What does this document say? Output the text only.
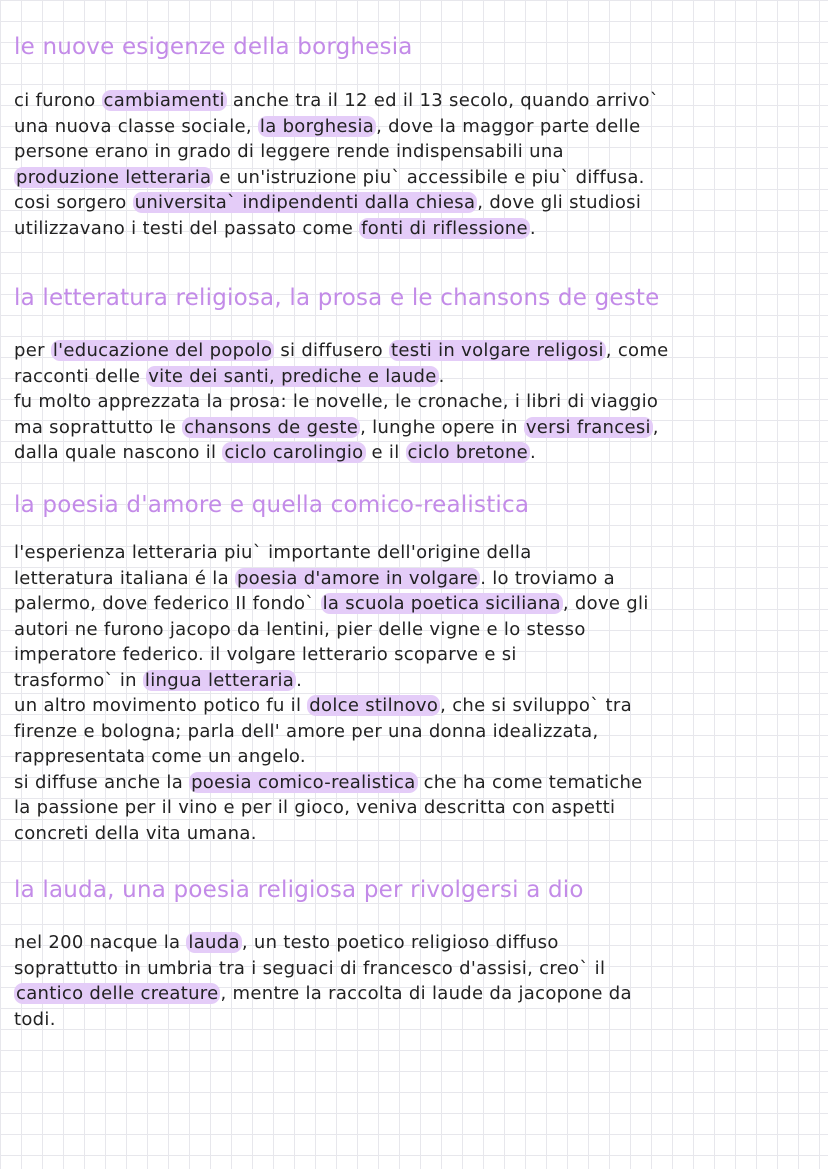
le nuove esigenze della borghesia
ci furono cambiamenti anche tra il 12 ed il 13 secolo, quando arrivo`
una nuova classe sociale, la borghesia , dove la maggor parte delle
persone erano in grado di leggere rende indispensabili una
produzione letteraria e un'istruzione piu` accessibile e piu` diffusa.
cosi sorgero universita` indipendenti dalla chiesa , dove gli studiosi
utilizzavano i testi del passato come fonti di riflessione .
la letteratura religiosa, la prosa e le chansons de geste
per l'educazione del popolo si diffusero testi in volgare religosi , come
racconti delle vite dei santi, prediche e laude .
fu molto apprezzata la prosa: le novelle, le cronache, i libri di viaggio
ma soprattutto le chansons de geste , lunghe opere in versi francesi ,
dalla quale nascono il ciclo carolingio e il ciclo bretone .
la poesia d'amore e quella comico-realistica
l'esperienza letteraria piu` importante dell'origine della
letteratura italiana é la poesia d'amore in volgare . lo troviamo a
palermo, dove federico II fondo` la scuola poetica siciliana , dove gli
autori ne furono jacopo da lentini, pier delle vigne e lo stesso
imperatore federico. il volgare letterario scoparve e si
trasformo` in lingua letteraria .
un altro movimento potico fu il dolce stilnovo , che si sviluppo` tra
firenze e bologna; parla dell' amore per una donna idealizzata,
rappresentata come un angelo.
si diffuse anche la poesia comico-realistica che ha come tematiche
la passione per il vino e per il gioco, veniva descritta con aspetti
concreti della vita umana.
la lauda, una poesia religiosa per rivolgersi a dio
nel 200 nacque la lauda , un testo poetico religioso diffuso
soprattutto in umbria tra i seguaci di francesco d'assisi, creo` il
cantico delle creature , mentre la raccolta di laude da jacopone da
todi.
